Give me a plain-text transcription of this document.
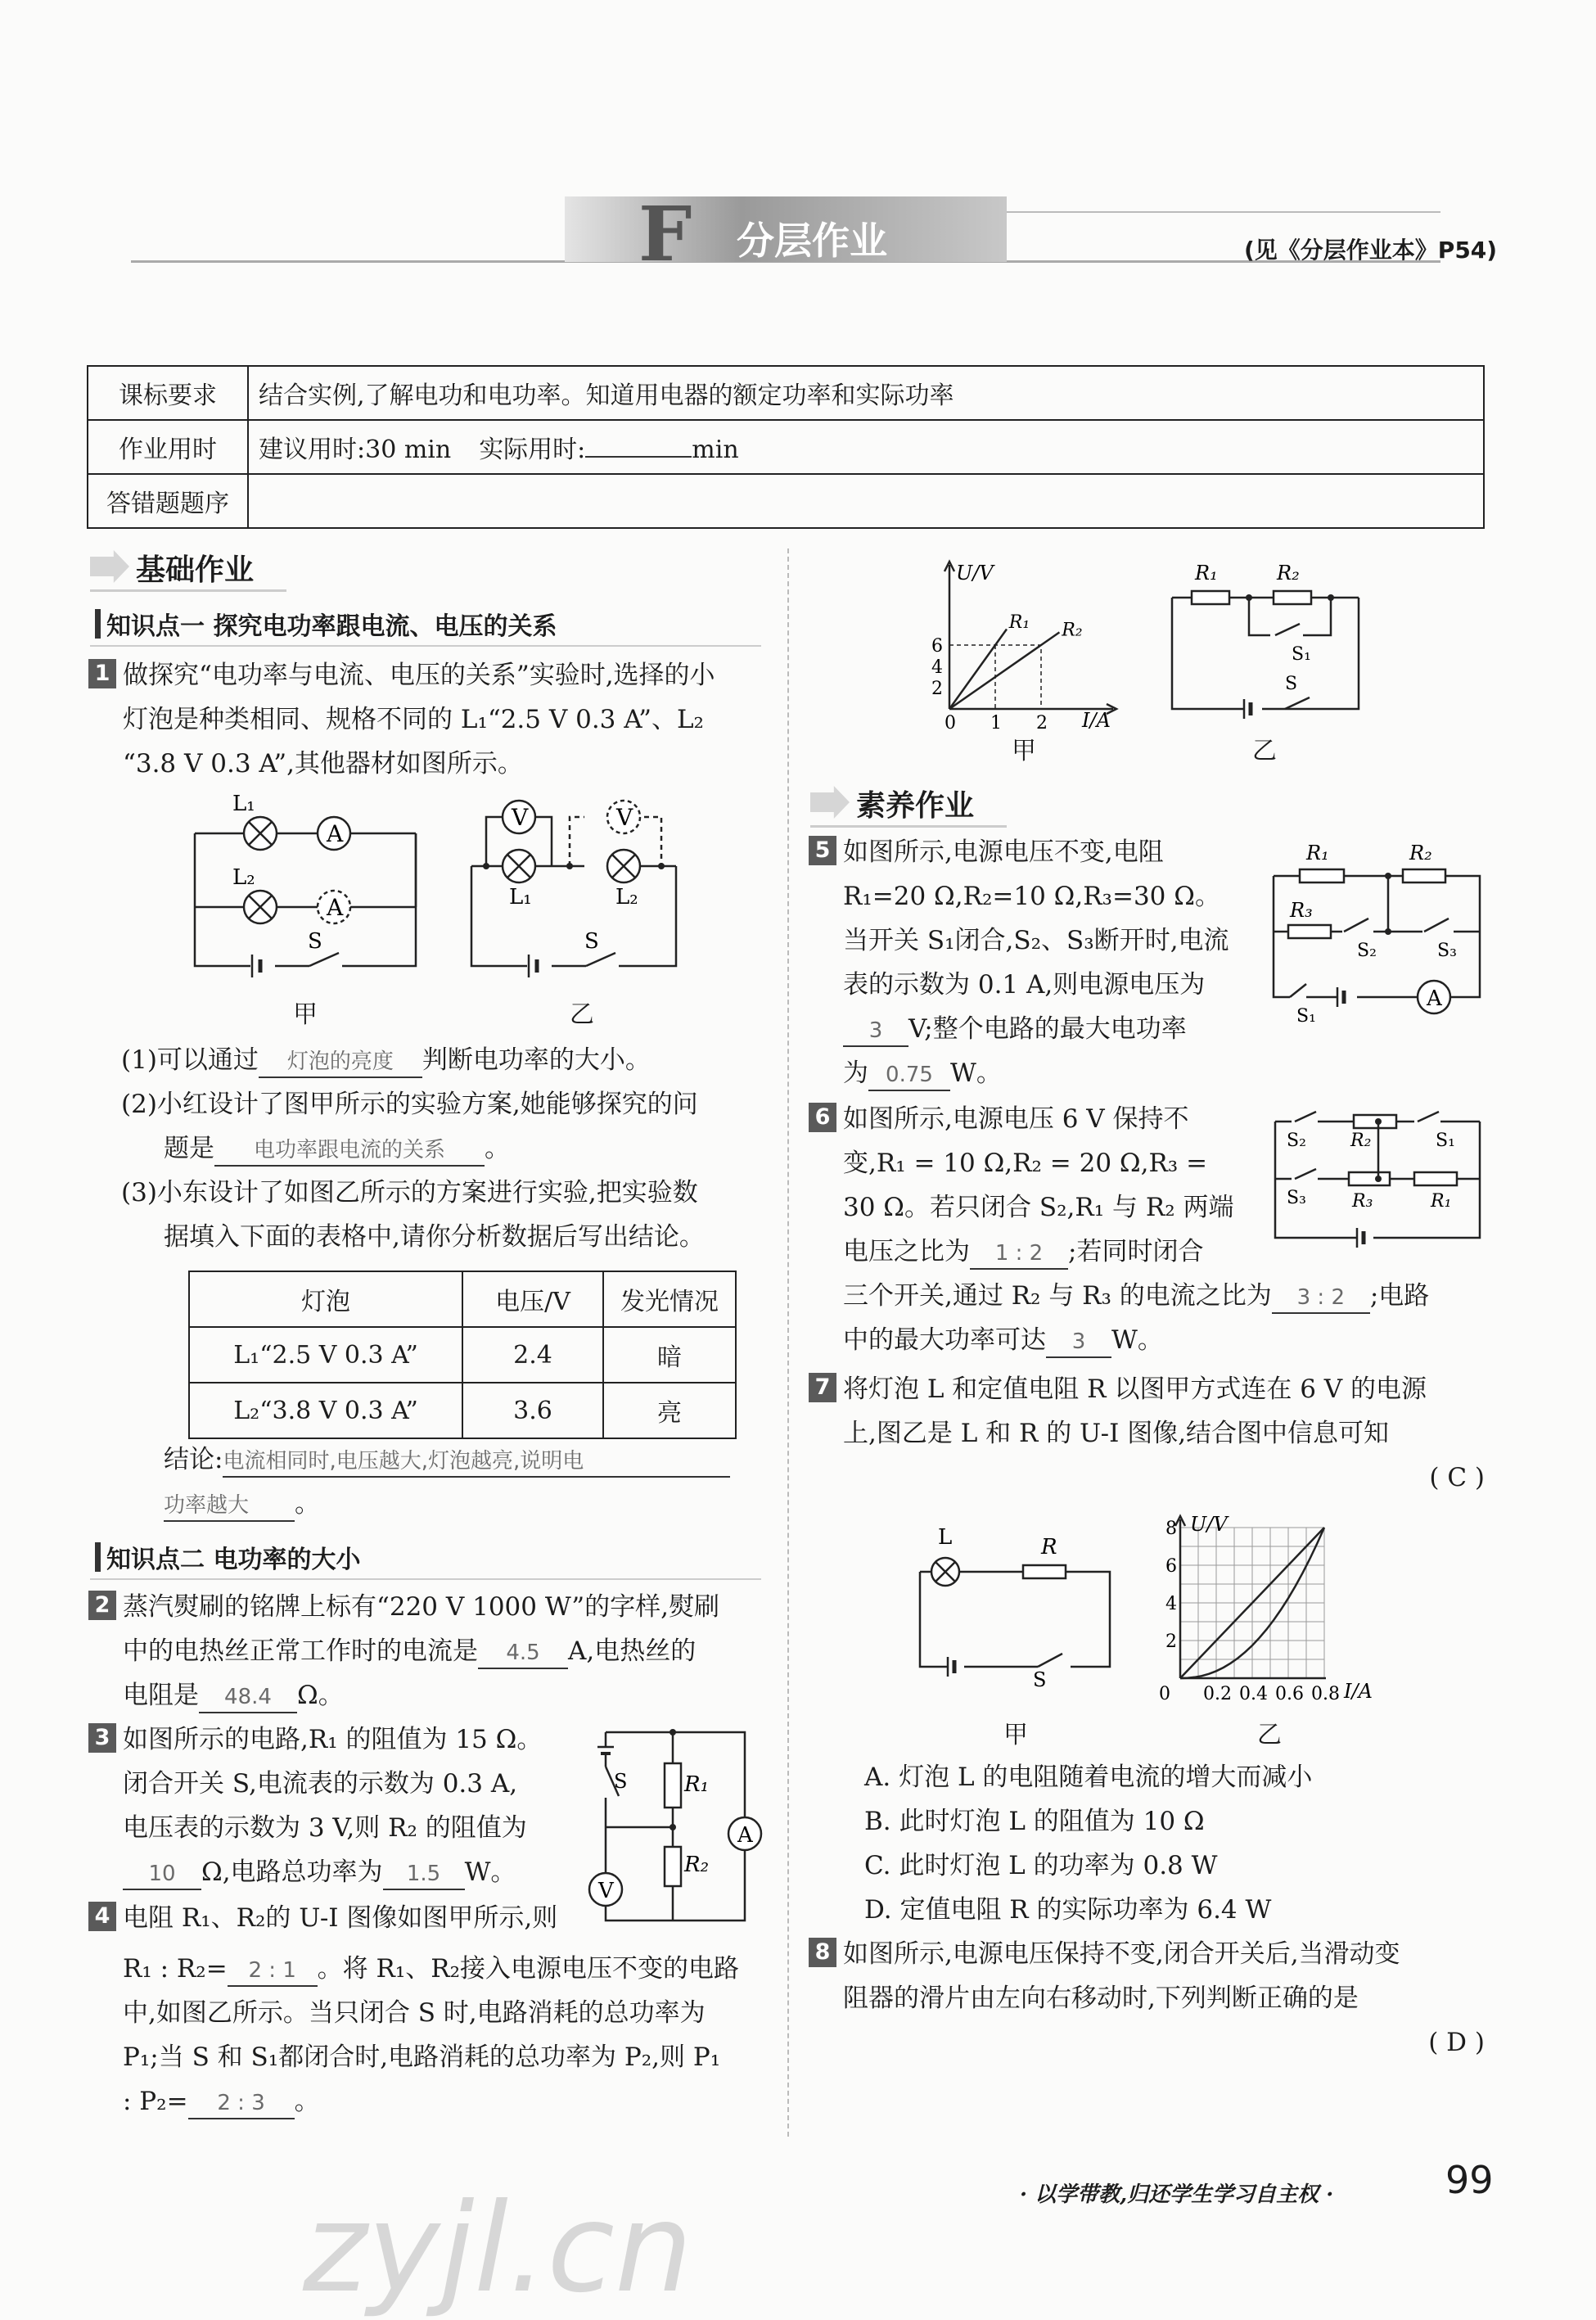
F 分层作业	(见《分层作业本》P54)
课标要求	结合实例,了解电功和电功率。知道用电器的额定功率和实际功率
作业用时	建议用时:30 min 实际用时: min
答错题题序	
基础作业
知识点一 探究电功率跟电流、电压的关系
1 做探究“电功率与电流、电压的关系”实验时,选择的小
灯泡是种类相同、规格不同的 L₁“2.5 V 0.3 A”、L₂
“3.8 V 0.3 A”,其他器材如图所示。
A
A
L₁
L₂
S
甲
V	V
L₁	L₂
S
乙
(1)可以通过 灯泡的亮度 判断电功率的大小。
(2)小红设计了图甲所示的实验方案,她能够探究的问
题是 电功率跟电流的关系 。
(3)小东设计了如图乙所示的方案进行实验,把实验数
据填入下面的表格中,请你分析数据后写出结论。
灯泡	电压/V	发光情况
L₁“2.5 V 0.3 A”	2.4	暗
L₂“3.8 V 0.3 A”	3.6	亮
结论:电流相同时,电压越大,灯泡越亮,说明电
功率越大 。
知识点二 电功率的大小
2 蒸汽熨刷的铭牌上标有“220 V 1000 W”的字样,熨刷
中的电热丝正常工作时的电流是 4.5 A,电热丝的
电阻是 48.4 Ω。
3 如图所示的电路,R₁ 的阻值为 15 Ω。
闭合开关 S,电流表的示数为 0.3 A,
电压表的示数为 3 V,则 R₂ 的阻值为
10 Ω,电路总功率为 1.5 W。
A
V
S	R₁
R₂
4 电阻 R₁、R₂的 U-I 图像如图甲所示,则
R₁ : R₂= 2 : 1 。将 R₁、R₂接入电源电压不变的电路
中,如图乙所示。当只闭合 S 时,电路消耗的总功率为
P₁;当 S 和 S₁都闭合时,电路消耗的总功率为 P₂,则 P₁
: P₂= 2 : 3 。
R₁ R₂
2
4
6
0 1 2
U/V
I/A
甲
R₁	R₂
S₁
S
乙
素养作业
5 如图所示,电源电压不变,电阻
R₁=20 Ω,R₂=10 Ω,R₃=30 Ω。
当开关 S₁闭合,S₂、S₃断开时,电流
表的示数为 0.1 A,则电源电压为
3 V;整个电路的最大电功率
为 0.75 W。
A
R₁	R₂
R₃
S₂	S₃
S₁
6 如图所示,电源电压 6 V 保持不
变,R₁ = 10 Ω,R₂ = 20 Ω,R₃ =
30 Ω。若只闭合 S₂,R₁ 与 R₂ 两端
电压之比为 1 : 2 ;若同时闭合
三个开关,通过 R₂ 与 R₃ 的电流之比为 3 : 2 ;电路
中的最大功率可达 3 W。
S₂ R₂	S₁
S₃	R₃	R₁
7 将灯泡 L 和定值电阻 R 以图甲方式连在 6 V 的电源
上,图乙是 L 和 R 的 U-I 图像,结合图中信息可知
( C )
L	R
S
甲
2
4
6
8
0 0.2 0.4 0.6 0.8
U/V
I/A
乙
A. 灯泡 L 的电阻随着电流的增大而减小
B. 此时灯泡 L 的阻值为 10 Ω
C. 此时灯泡 L 的功率为 0.8 W
D. 定值电阻 R 的实际功率为 6.4 W
8 如图所示,电源电压保持不变,闭合开关后,当滑动变
阻器的滑片由左向右移动时,下列判断正确的是
( D )
· 以学带教,归还学生学习自主权 ·	99
zyjl.cn
